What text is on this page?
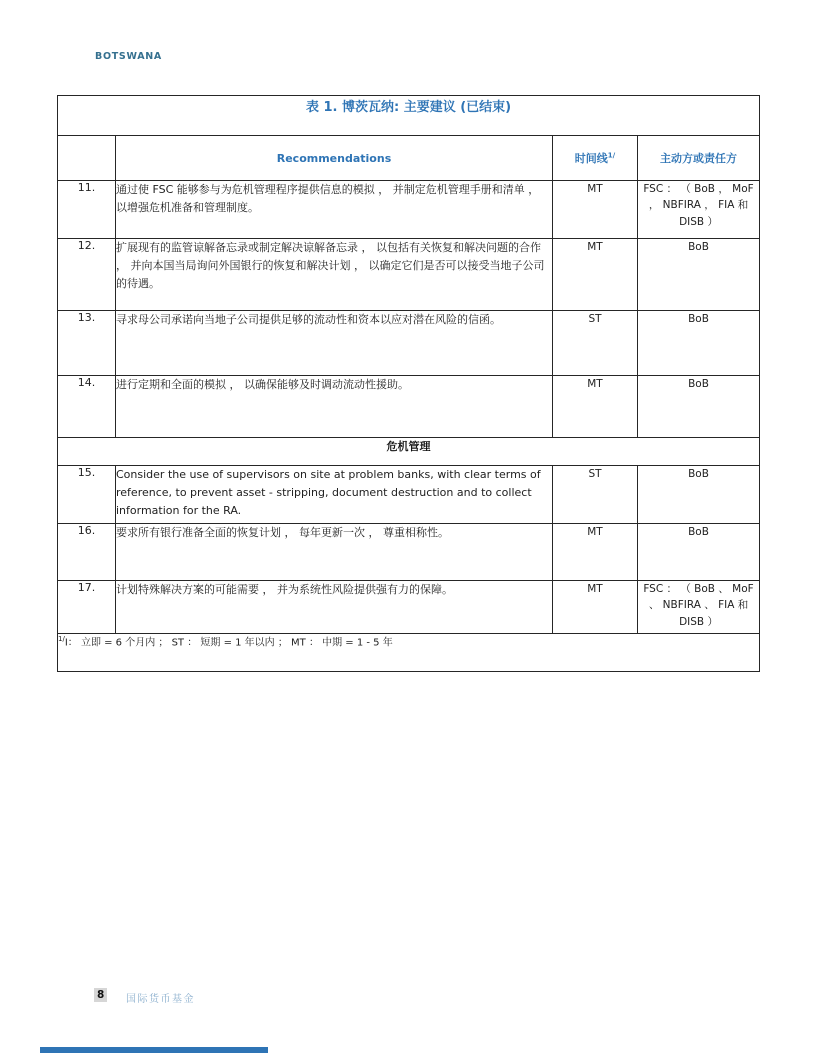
BOTSWANA
表 1. 博茨瓦纳: 主要建议 (已结束)			
	Recommendations	时间线$^{1/}$	主动方或责任方
11.	通过使 FSC 能够参与为危机管理程序提供信息的模拟 ， 并制定危机管理手册和清单 ， 以增强危机准备和管理制度。	MT	FSC ： （ BoB ， MoF ， NBFIRA ， FIA 和 DISB ）
12.	扩展现有的监管谅解备忘录或制定解决谅解备忘录 ， 以包括有关恢复和解决问题的合作 ， 并向本国当局询问外国银行的恢复和解决计划 ， 以确定它们是否可以接受当地子公司的待遇。	MT	BoB
13.	寻求母公司承诺向当地子公司提供足够的流动性和资本以应对潜在风险的信函。	ST	BoB
14.	进行定期和全面的模拟 ， 以确保能够及时调动流动性援助。	MT	BoB
危机管理			
15.	Consider the use of supervisors on site at problem banks, with clear terms of reference, to prevent asset - stripping, document destruction and to collect information for the RA.	ST	BoB
16.	要求所有银行准备全面的恢复计划 ， 每年更新一次 ， 尊重相称性。	MT	BoB
17.	计划特殊解决方案的可能需要 ， 并为系统性风险提供强有力的保障。	MT	FSC ： （ BoB 、 MoF 、 NBFIRA 、 FIA 和 DISB ）
$^{1/}$I： 立即 = 6 个月内 ； ST ： 短期 = 1 年以内 ； MT ： 中期 = 1 - 5 年			
8	国际货币基金
